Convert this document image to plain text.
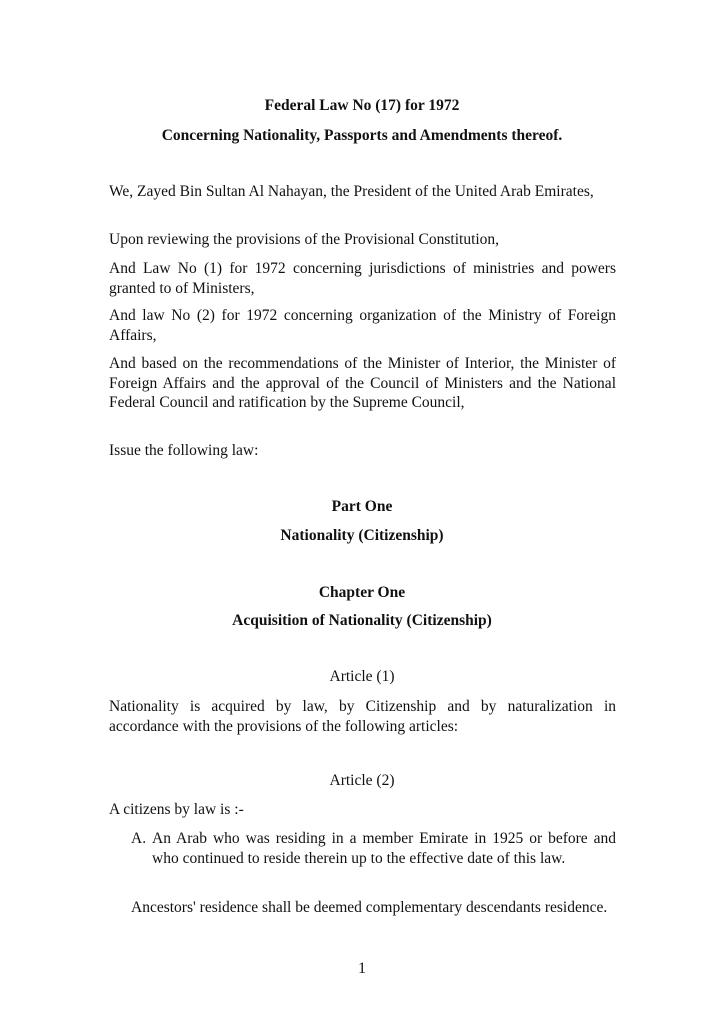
Federal Law No (17) for 1972

Concerning Nationality, Passports and Amendments thereof.

We, Zayed Bin Sultan Al Nahayan, the President of the United Arab Emirates,

Upon reviewing the provisions of the Provisional Constitution,

And Law No (1) for 1972 concerning jurisdictions of ministries and powers granted to of Ministers,

And law No (2) for 1972 concerning organization of the Ministry of Foreign Affairs,

And based on the recommendations of the Minister of Interior, the Minister of Foreign Affairs and the approval of the Council of Ministers and the National Federal Council and ratification by the Supreme Council,

Issue the following law:

Part One

Nationality (Citizenship)

Chapter One

Acquisition of Nationality (Citizenship)

Article (1)

Nationality is acquired by law, by Citizenship and by naturalization in accordance with the provisions of the following articles:

Article (2)

A citizens by law is :-

A. An Arab who was residing in a member Emirate in 1925 or before and who continued to reside therein up to the effective date of this law.

Ancestors' residence shall be deemed complementary descendants residence.

1
